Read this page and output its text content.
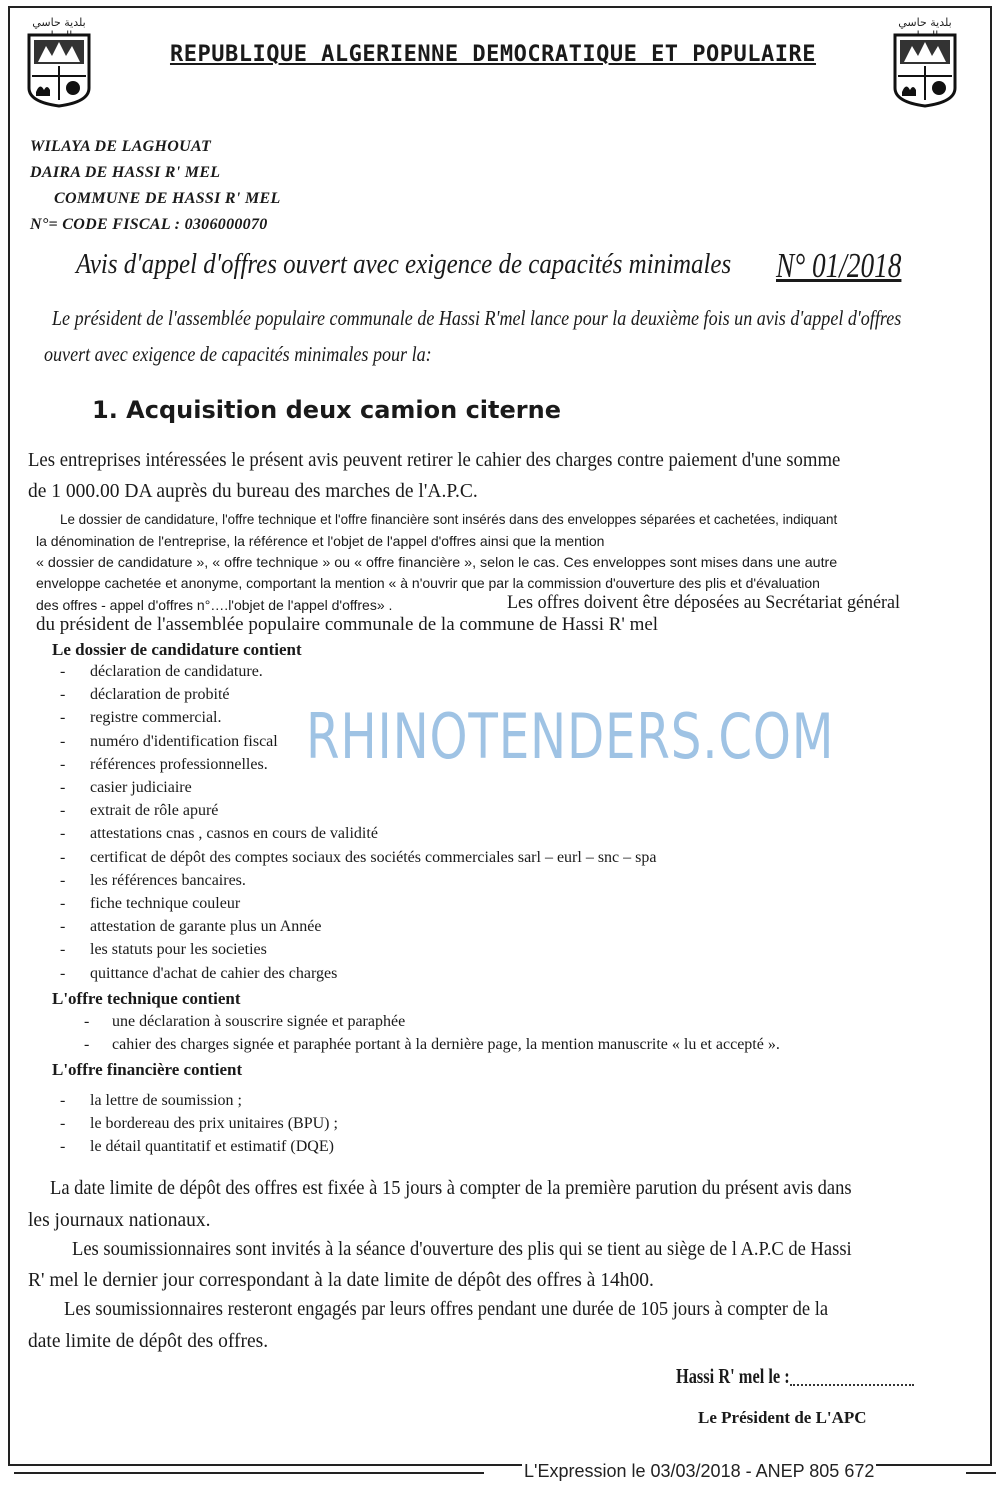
بلدية حاسي	بلدية حاسي
REPUBLIQUE ALGERIENNE DEMOCRATIQUE ET POPULAIRE
WILAYA DE LAGHOUAT
DAIRA DE HASSI R' MEL
COMMUNE DE HASSI R' MEL
N°= CODE FISCAL : 0306000070
Avis d'appel d'offres ouvert avec exigence de capacités minimales N° 01/2018
Le président de l'assemblée populaire communale de Hassi R'mel lance pour la deuxième fois un avis d'appel d'offres
ouvert avec exigence de capacités minimales pour la:
1. Acquisition deux camion citerne
Les entreprises intéressées le présent avis peuvent retirer le cahier des charges contre paiement d'une somme
de 1 000.00 DA auprès du bureau des marches de l'A.P.C.
Le dossier de candidature, l'offre technique et l'offre financière sont insérés dans des enveloppes séparées et cachetées, indiquant
la dénomination de l'entreprise, la référence et l'objet de l'appel d'offres ainsi que la mention
« dossier de candidature », « offre technique » ou « offre financière », selon le cas. Ces enveloppes sont mises dans une autre
enveloppe cachetée et anonyme, comportant la mention « à n'ouvrir que par la commission d'ouverture des plis et d'évaluation
des offres - appel d'offres n°….l'objet de l'appel d'offres» .	Les offres doivent être déposées au Secrétariat général
du président de l'assemblée populaire communale de la commune de Hassi R' mel
Le dossier de candidature contient
- déclaration de candidature.
- déclaration de probité
- registre commercial.
- numéro d'identification fiscal
- références professionnelles.
- casier judiciaire
- extrait de rôle apuré
- attestations cnas , casnos en cours de validité
- certificat de dépôt des comptes sociaux des sociétés commerciales sarl – eurl – snc – spa
- les références bancaires.
- fiche technique couleur
- attestation de garante plus un Année
- les statuts pour les societies
- quittance d'achat de cahier des charges
L'offre technique contient
- une déclaration à souscrire signée et paraphée
- cahier des charges signée et paraphée portant à la dernière page, la mention manuscrite « lu et accepté ».
L'offre financière contient
- la lettre de soumission ;
- le bordereau des prix unitaires (BPU) ;
- le détail quantitatif et estimatif (DQE)
La date limite de dépôt des offres est fixée à 15 jours à compter de la première parution du présent avis dans
les journaux nationaux.
Les soumissionnaires sont invités à la séance d'ouverture des plis qui se tient au siège de l A.P.C de Hassi
R' mel le dernier jour correspondant à la date limite de dépôt des offres à 14h00.
Les soumissionnaires resteront engagés par leurs offres pendant une durée de 105 jours à compter de la
date limite de dépôt des offres.
Hassi R' mel le :
Le Président de L'APC
RHINOTENDERS.COM
L'Expression le 03/03/2018 - ANEP 805 672
